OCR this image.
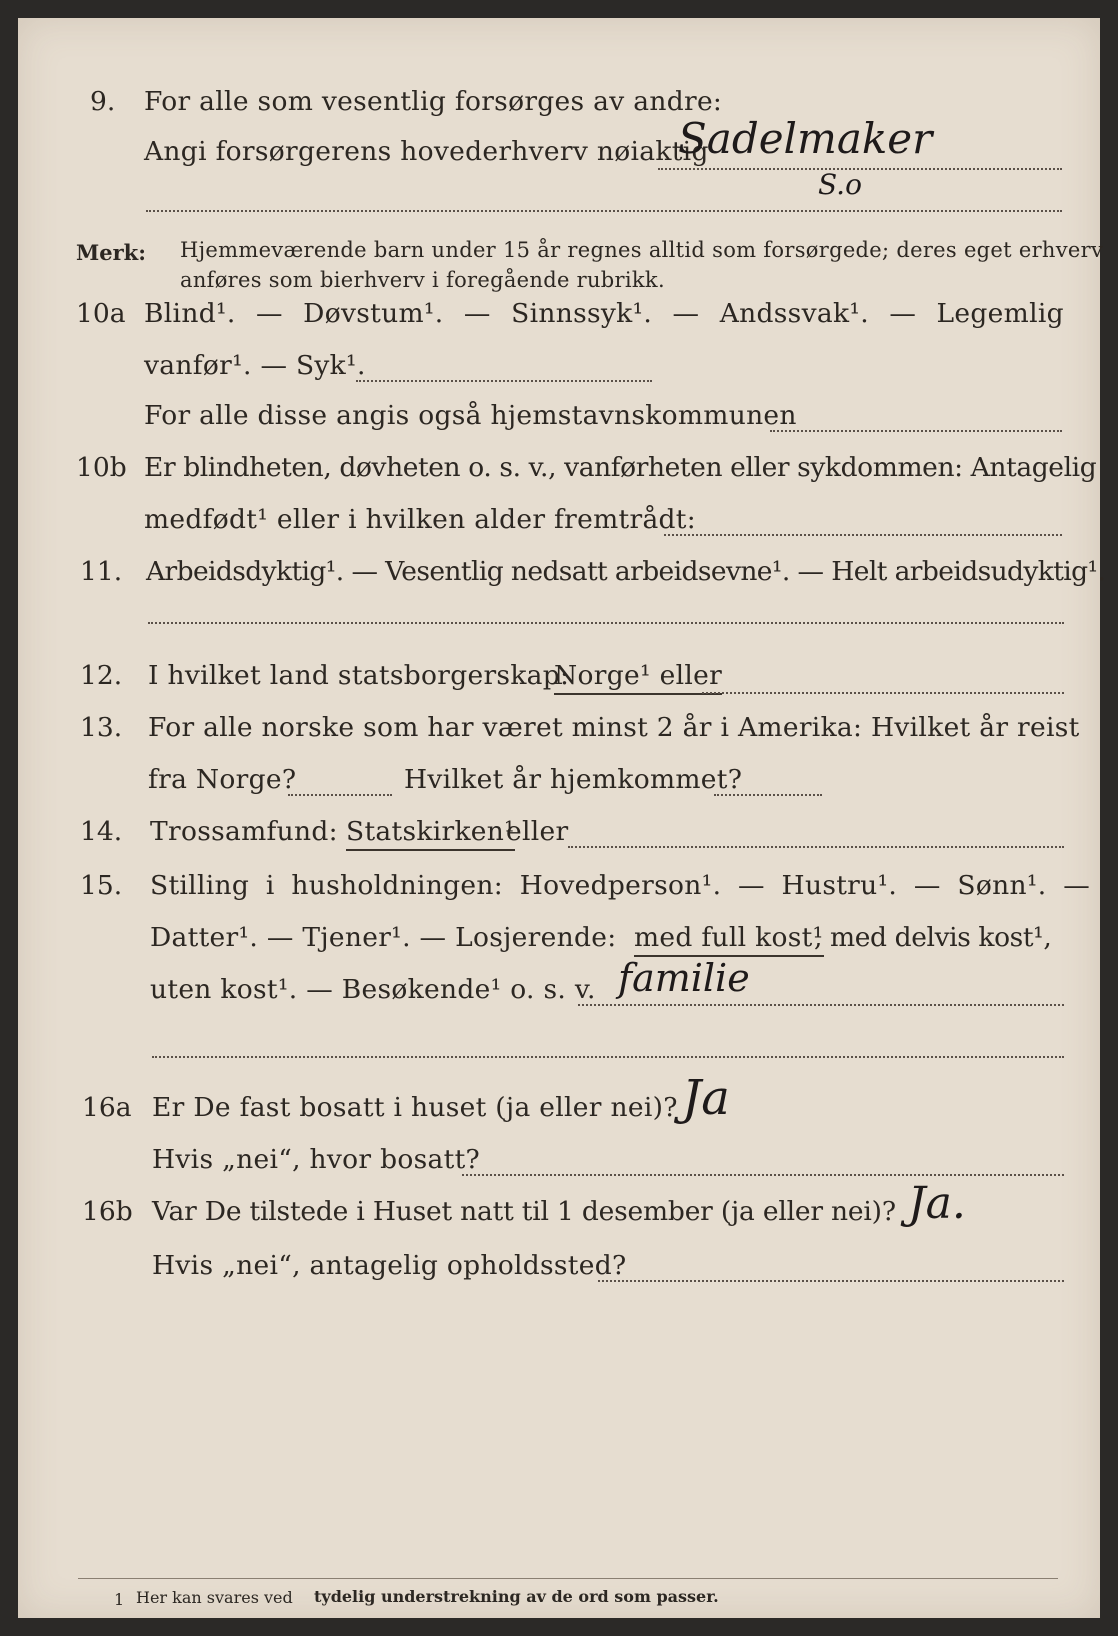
9. For alle som vesentlig forsørges av andre:
Angi forsørgerens hovederhverv nøiaktig
Sadelmaker
S.o
Merk: Hjemmeværende barn under 15 år regnes alltid som forsørgede; deres eget erhverv
anføres som bierhverv i foregående rubrikk.
10a Blind¹. — Døvstum¹. — Sinnssyk¹. — Andssvak¹. — Legemlig
vanfør¹. — Syk¹.
For alle disse angis også hjemstavnskommunen
10b Er blindheten, døvheten o. s. v., vanførheten eller sykdommen: Antagelig
medfødt¹ eller i hvilken alder fremtrådt:
11. Arbeidsdyktig¹. — Vesentlig nedsatt arbeidsevne¹. — Helt arbeidsudyktig¹.
12. I hvilket land statsborgerskap:
Norge¹ eller
13. For alle norske som har været minst 2 år i Amerika: Hvilket år reist
fra Norge?	Hvilket år hjemkommet?
14. Trossamfund: Statskirken¹
eller
15. Stilling i husholdningen: Hovedperson¹. — Hustru¹. — Sønn¹. —
Datter¹. — Tjener¹. — Losjerende: med full kost¹
, med delvis kost¹,
uten kost¹. — Besøkende¹ o. s. v. familie
16a Er De fast bosatt i huset (ja eller nei)? Ja
Hvis „nei“, hvor bosatt?
16b Var De tilstede i Huset natt til 1 desember (ja eller nei)? Ja.
Hvis „nei“, antagelig opholdssted?
1 Her kan svares ved tydelig understrekning av de ord som passer.
